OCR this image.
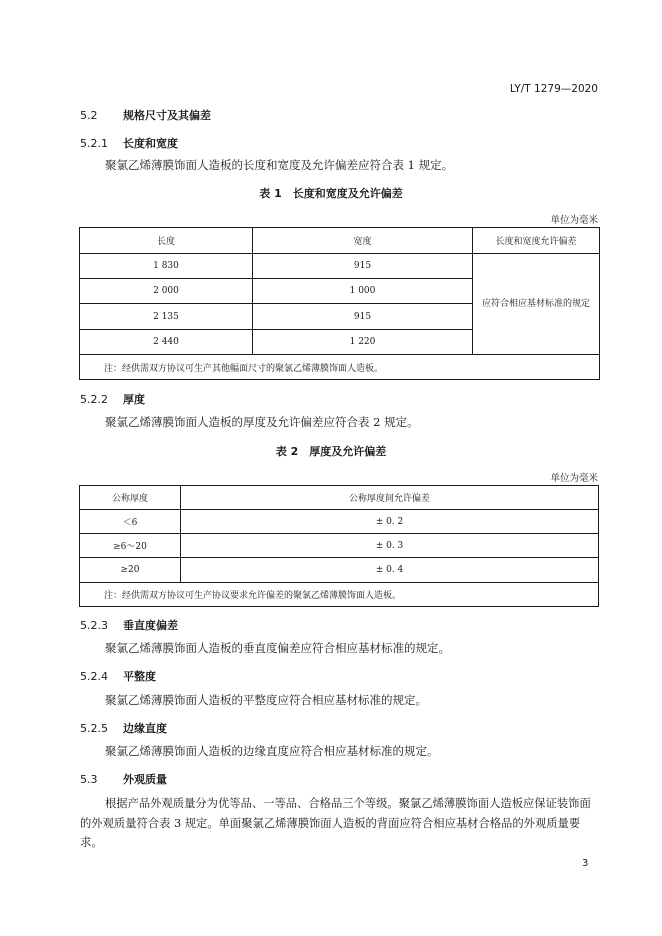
LY/T 1279—2020
5.2 规格尺寸及其偏差
5.2.1 长度和宽度
聚氯乙烯薄膜饰面人造板的长度和宽度及允许偏差应符合表 1 规定。
表 1　长度和宽度及允许偏差
单位为毫米
长度	宽度	长度和宽度允许偏差
1 830	915	应符合相应基材标准的规定

2 000	1 000	
2 135	915	
2 440	1 220	
注：经供需双方协议可生产其他幅面尺寸的聚氯乙烯薄膜饰面人造板。		
5.2.2 厚度
聚氯乙烯薄膜饰面人造板的厚度及允许偏差应符合表 2 规定。
表 2　厚度及允许偏差
单位为毫米
公称厚度	公称厚度间允许偏差
＜6	± 0. 2
≥6～20	± 0. 3
≥20	± 0. 4
注：经供需双方协议可生产协议要求允许偏差的聚氯乙烯薄膜饰面人造板。	
5.2.3 垂直度偏差
聚氯乙烯薄膜饰面人造板的垂直度偏差应符合相应基材标准的规定。
5.2.4 平整度
聚氯乙烯薄膜饰面人造板的平整度应符合相应基材标准的规定。
5.2.5 边缘直度
聚氯乙烯薄膜饰面人造板的边缘直度应符合相应基材标准的规定。
5.3 外观质量
根据产品外观质量分为优等品、一等品、合格品三个等级。聚氯乙烯薄膜饰面人造板应保证装饰面
的外观质量符合表 3 规定。单面聚氯乙烯薄膜饰面人造板的背面应符合相应基材合格品的外观质量要
求。
3
